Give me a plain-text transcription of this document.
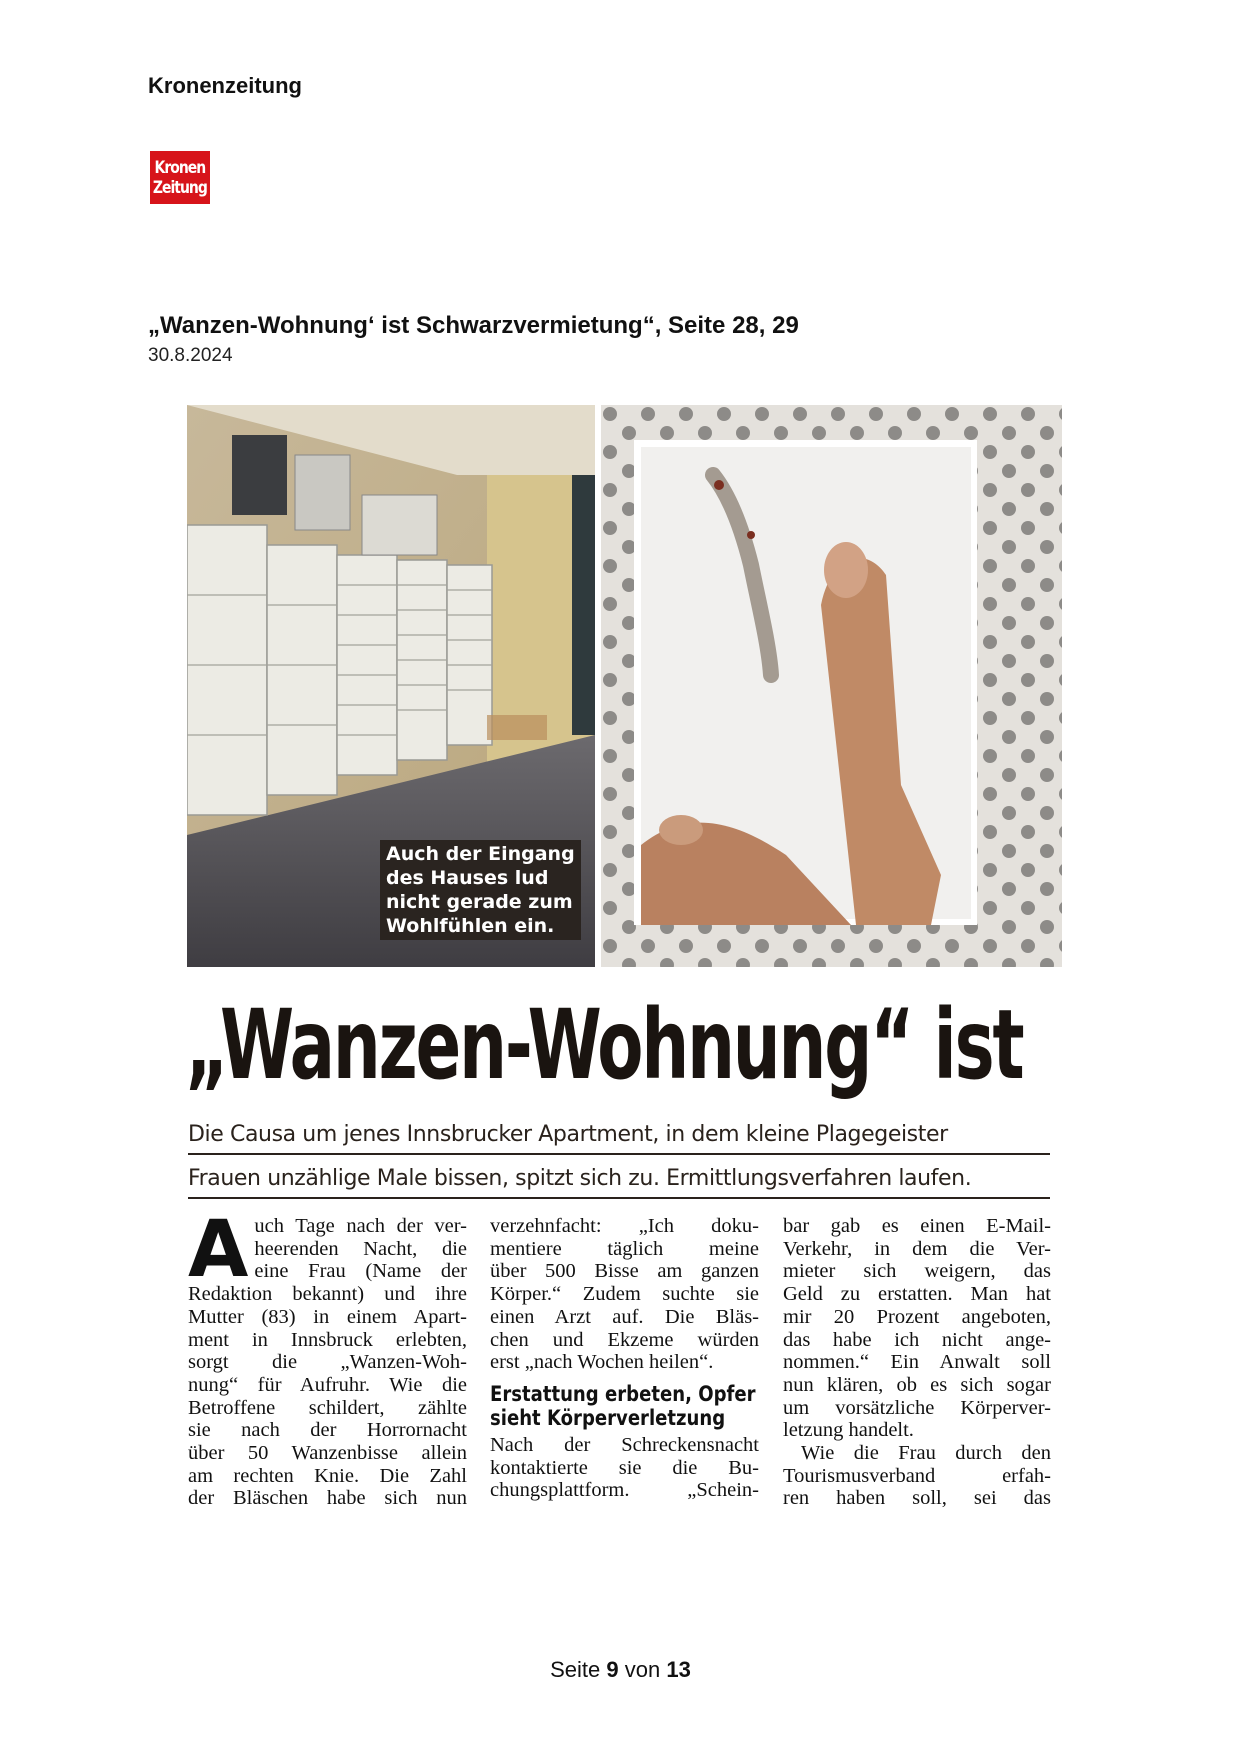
Kronenzeitung
Kronen
Zeitung
„Wanzen-Wohnung‘ ist Schwarzvermietung“, Seite 28, 29
30.8.2024
Auch der Eingang
des Hauses lud
nicht gerade zum
Wohlfühlen ein.
„Wanzen-Wohnung“ ist
Die Causa um jenes Innsbrucker Apartment, in dem kleine Plagegeister
Frauen unzählige Male bissen, spitzt sich zu. Ermittlungsverfahren laufen.
A uch Tage nach der ver-
heerenden Nacht, die
eine Frau (Name der
Redaktion bekannt) und ihre
Mutter (83) in einem Apart-
ment in Innsbruck erlebten,
sorgt die „Wanzen-Woh-
nung“ für Aufruhr. Wie die
Betroffene schildert, zählte
sie nach der Horrornacht
über 50 Wanzenbisse allein
am rechten Knie. Die Zahl
der Bläschen habe sich nun
verzehnfacht: „Ich doku-
mentiere täglich meine
über 500 Bisse am ganzen
Körper.“ Zudem suchte sie
einen Arzt auf. Die Bläs-
chen und Ekzeme würden
erst „nach Wochen heilen“.
Erstattung erbeten, Opfer
sieht Körperverletzung
Nach der Schreckensnacht
kontaktierte sie die Bu-
chungsplattform. „Schein-
bar gab es einen E-Mail-
Verkehr, in dem die Ver-
mieter sich weigern, das
Geld zu erstatten. Man hat
mir 20 Prozent angeboten,
das habe ich nicht ange-
nommen.“ Ein Anwalt soll
nun klären, ob es sich sogar
um vorsätzliche Körperver-
letzung handelt.
Wie die Frau durch den
Tourismusverband erfah-
ren haben soll, sei das
Seite 9 von 13
